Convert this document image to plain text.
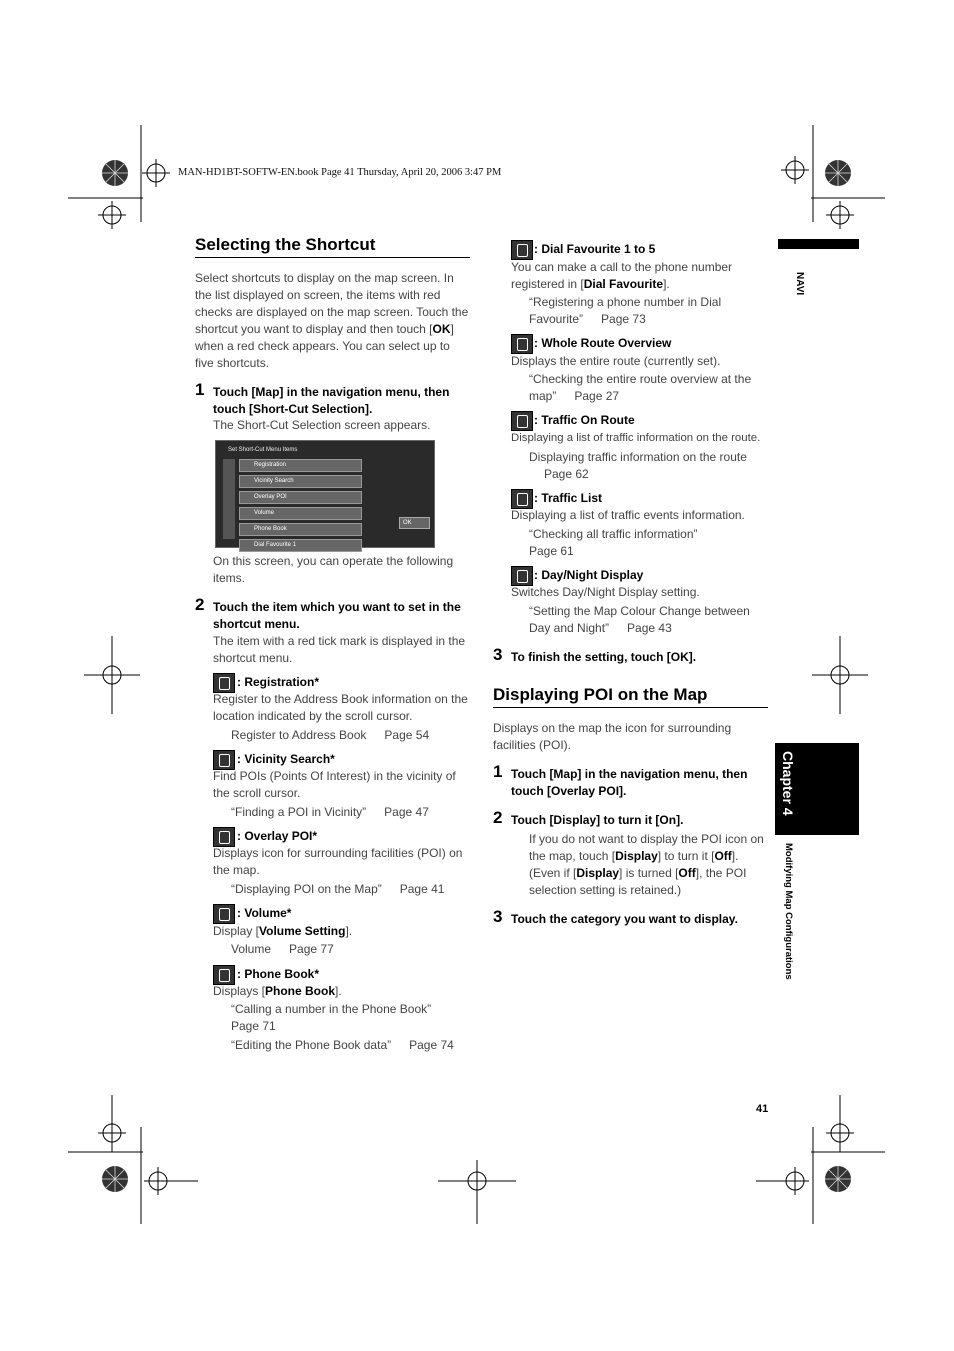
MAN-HD1BT-SOFTW-EN.book Page 41 Thursday, April 20, 2006 3:47 PM
NAVI
Chapter 4
Modifying Map Configurations
41
Selecting the Shortcut
Select shortcuts to display on the map screen. In the list displayed on screen, the items with red checks are displayed on the map screen. Touch the shortcut you want to display and then touch [OK] when a red check appears. You can select up to five shortcuts.
1 Touch [Map] in the navigation menu, then touch [Short-Cut Selection].
The Short-Cut Selection screen appears.
Set Short-Cut Menu Items
Registration
Vicinity Search
Overlay POI
Volume
Phone Book
Dial Favourite 1
OK
On this screen, you can operate the following items.
2 Touch the item which you want to set in the shortcut menu.
The item with a red tick mark is displayed in the shortcut menu.
: Registration*
Register to the Address Book information on the location indicated by the scroll cursor.
Register to Address Book Page 54
: Vicinity Search*
Find POIs (Points Of Interest) in the vicinity of the scroll cursor.
“Finding a POI in Vicinity” Page 47
: Overlay POI*
Displays icon for surrounding facilities (POI) on the map.
“Displaying POI on the Map” Page 41
: Volume*
Display [Volume Setting].
Volume Page 77
: Phone Book*
Displays [Phone Book].
“Calling a number in the Phone Book”
Page 71
“Editing the Phone Book data” Page 74
: Dial Favourite 1 to 5
You can make a call to the phone number registered in [Dial Favourite].
“Registering a phone number in Dial Favourite” Page 73
: Whole Route Overview
Displays the entire route (currently set).
“Checking the entire route overview at the map” Page 27
: Traffic On Route
Displaying a list of traffic information on the route.
Displaying traffic information on the route
Page 62
: Traffic List
Displaying a list of traffic events information.
“Checking all traffic information”
Page 61
: Day/Night Display
Switches Day/Night Display setting.
“Setting the Map Colour Change between Day and Night” Page 43
3 To finish the setting, touch [OK].
Displaying POI on the Map
Displays on the map the icon for surrounding facilities (POI).
1 Touch [Map] in the navigation menu, then touch [Overlay POI].
2 Touch [Display] to turn it [On].
If you do not want to display the POI icon on the map, touch [Display] to turn it [Off]. (Even if [Display] is turned [Off], the POI selection setting is retained.)
3 Touch the category you want to display.
